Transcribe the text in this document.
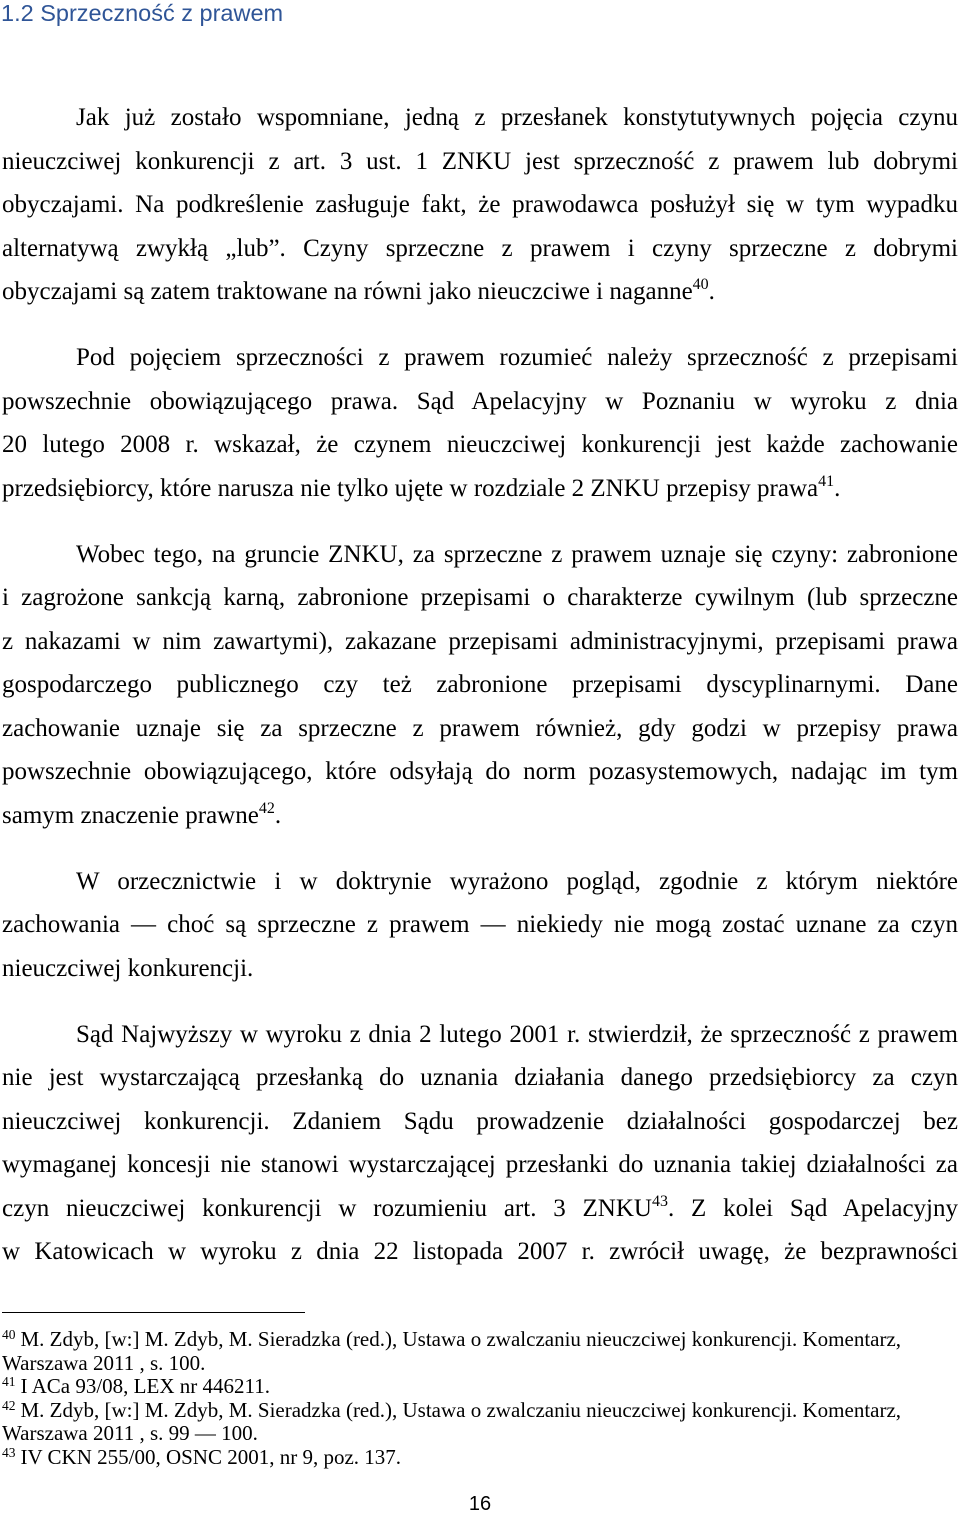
1.2 Sprzeczność z prawem
Jak już zostało wspomniane, jedną z przesłanek konstytutywnych pojęcia czynu
nieuczciwej konkurencji z art. 3 ust. 1 ZNKU jest sprzeczność z prawem lub dobrymi
obyczajami. Na podkreślenie zasługuje fakt, że prawodawca posłużył się w tym wypadku
alternatywą zwykłą „lub”. Czyny sprzeczne z prawem i czyny sprzeczne z dobrymi
obyczajami są zatem traktowane na równi jako nieuczciwe i naganne$^{40}$.
Pod pojęciem sprzeczności z prawem rozumieć należy sprzeczność z przepisami
powszechnie obowiązującego prawa. Sąd Apelacyjny w Poznaniu w wyroku z dnia
20 lutego 2008 r. wskazał, że czynem nieuczciwej konkurencji jest każde zachowanie
przedsiębiorcy, które narusza nie tylko ujęte w rozdziale 2 ZNKU przepisy prawa$^{41}$.
Wobec tego, na gruncie ZNKU, za sprzeczne z prawem uznaje się czyny: zabronione
i zagrożone sankcją karną, zabronione przepisami o charakterze cywilnym (lub sprzeczne
z nakazami w nim zawartymi), zakazane przepisami administracyjnymi, przepisami prawa
gospodarczego publicznego czy też zabronione przepisami dyscyplinarnymi. Dane
zachowanie uznaje się za sprzeczne z prawem również, gdy godzi w przepisy prawa
powszechnie obowiązującego, które odsyłają do norm pozasystemowych, nadając im tym
samym znaczenie prawne$^{42}$.
W orzecznictwie i w doktrynie wyrażono pogląd, zgodnie z którym niektóre
zachowania — choć są sprzeczne z prawem — niekiedy nie mogą zostać uznane za czyn
nieuczciwej konkurencji.
Sąd Najwyższy w wyroku z dnia 2 lutego 2001 r. stwierdził, że sprzeczność z prawem
nie jest wystarczającą przesłanką do uznania działania danego przedsiębiorcy za czyn
nieuczciwej konkurencji. Zdaniem Sądu prowadzenie działalności gospodarczej bez
wymaganej koncesji nie stanowi wystarczającej przesłanki do uznania takiej działalności za
czyn nieuczciwej konkurencji w rozumieniu art. 3 ZNKU$^{43}$. Z kolei Sąd Apelacyjny
w Katowicach w wyroku z dnia 22 listopada 2007 r. zwrócił uwagę, że bezprawności
$^{40}$ M. Zdyb, [w:] M. Zdyb, M. Sieradzka (red.), Ustawa o zwalczaniu nieuczciwej konkurencji. Komentarz, Warszawa 2011 , s. 100.
$^{41}$ I ACa 93/08, LEX nr 446211.
$^{42}$ M. Zdyb, [w:] M. Zdyb, M. Sieradzka (red.), Ustawa o zwalczaniu nieuczciwej konkurencji. Komentarz, Warszawa 2011 , s. 99 — 100.
$^{43}$ IV CKN 255/00, OSNC 2001, nr 9, poz. 137.
16
